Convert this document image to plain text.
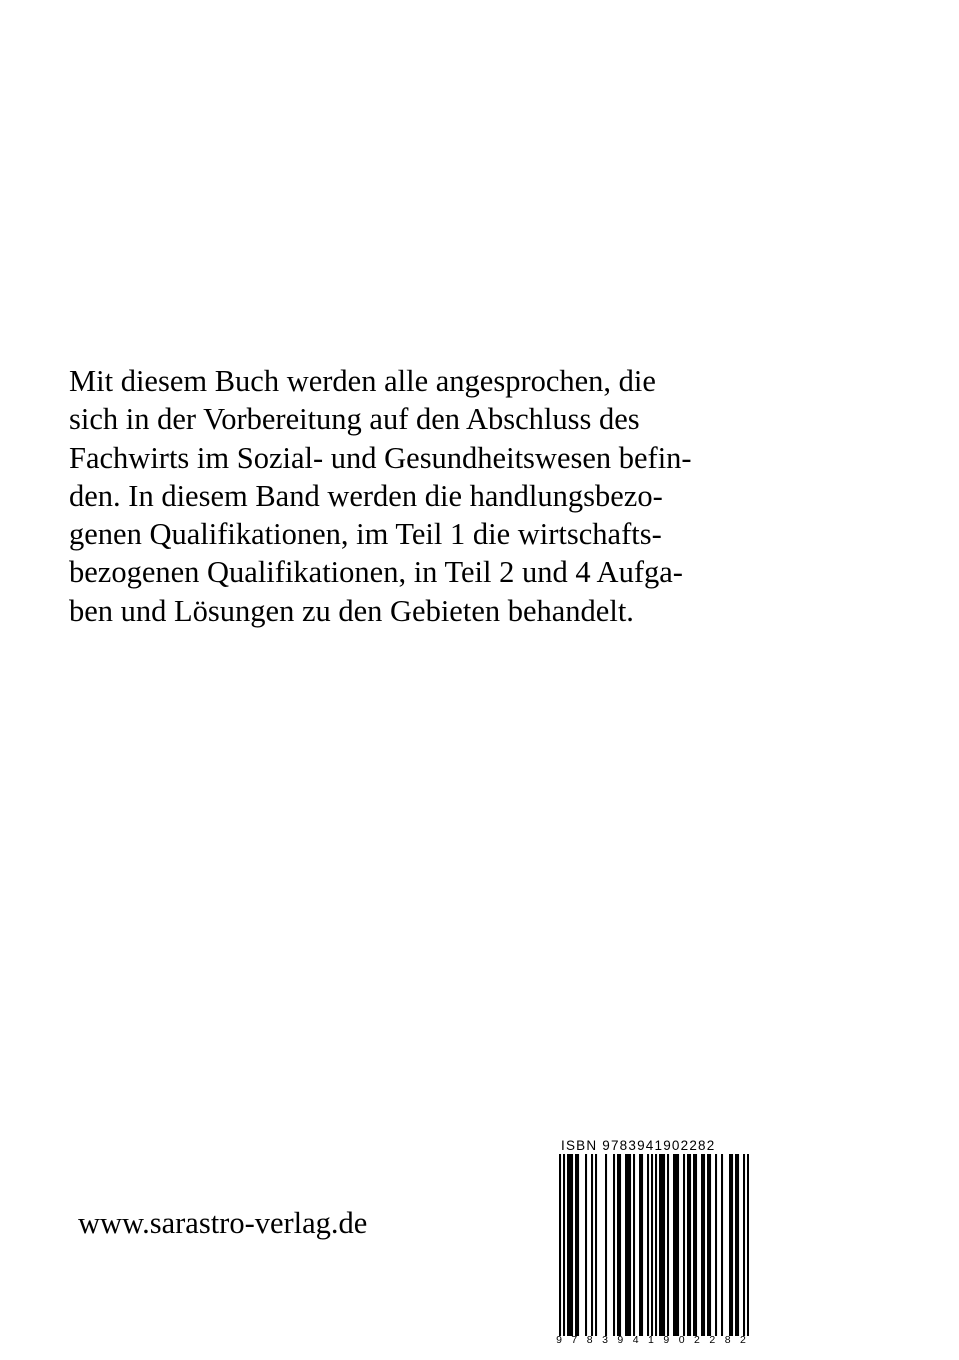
Mit diesem Buch werden alle angesprochen, die
sich in der Vorbereitung auf den Abschluss des
Fachwirts im Sozial- und Gesundheitswesen befin-
den. In diesem Band werden die handlungsbezo-
genen Qualifikationen, im Teil 1 die wirtschafts-
bezogenen Qualifikationen, in Teil 2 und 4 Aufga-
ben und Lösungen zu den Gebieten behandelt.
www.sarastro-verlag.de
ISBN 9783941902282
9 7 8 3 9 4 1 9 0 2 2 8 2
